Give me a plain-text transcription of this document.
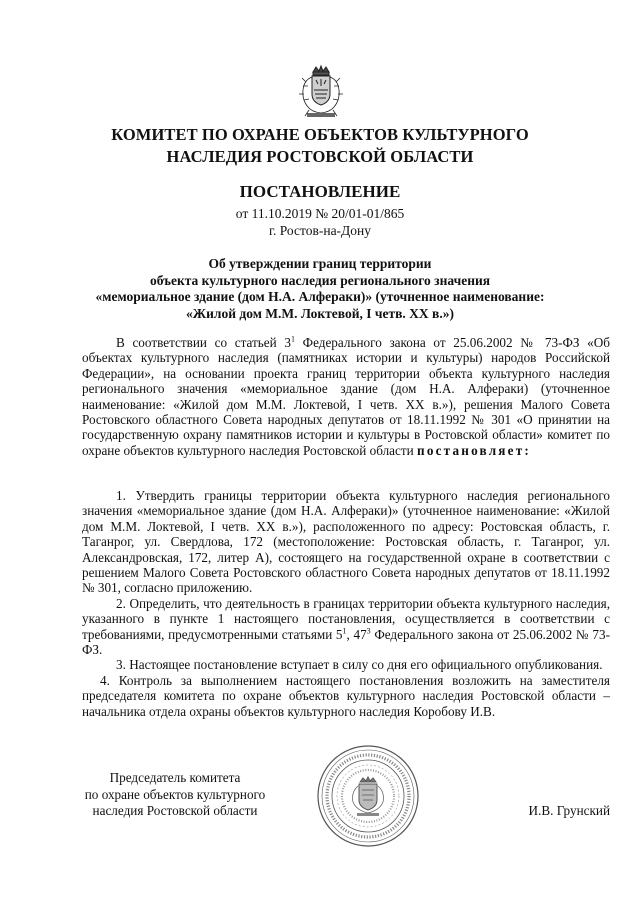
КОМИТЕТ ПО ОХРАНЕ ОБЪЕКТОВ КУЛЬТУРНОГО
НАСЛЕДИЯ РОСТОВСКОЙ ОБЛАСТИ
ПОСТАНОВЛЕНИЕ
от 11.10.2019 № 20/01-01/865
г. Ростов-на-Дону
Об утверждении границ территории
объекта культурного наследия регионального значения
«мемориальное здание (дом Н.А. Алфераки)» (уточненное наименование:
«Жилой дом М.М. Локтевой, I четв. XX в.»)

В соответствии со статьей $3^1$ Федерального закона от 25.06.2002 № 73-ФЗ «Об объектах культурного наследия (памятниках истории и культуры) народов Российской Федерации», на основании проекта границ территории объекта культурного наследия регионального значения «мемориальное здание (дом Н.А. Алфераки) (уточненное наименование: «Жилой дом М.М. Локтевой, I четв. XX в.»), решения Малого Совета Ростовского областного Совета народных депутатов от 18.11.1992 № 301 «О принятии на государственную охрану памятников истории и культуры в Ростовской области» комитет по охране объектов культурного наследия Ростовской области постановляет:

1. Утвердить границы территории объекта культурного наследия регионального значения «мемориальное здание (дом Н.А. Алфераки)» (уточненное наименование: «Жилой дом М.М. Локтевой, I четв. XX в.»), расположенного по адресу: Ростовская область, г. Таганрог, ул. Свердлова, 172 (местоположение: Ростовская область, г. Таганрог, ул. Александровская, 172, литер А), состоящего на государственной охране в соответствии с решением Малого Совета Ростовского областного Совета народных депутатов от 18.11.1992 № 301, согласно приложению.

2. Определить, что деятельность в границах территории объекта культурного наследия, указанного в пункте 1 настоящего постановления, осуществляется в соответствии с требованиями, предусмотренными статьями $5^1$, $47^3$ Федерального закона от 25.06.2002 № 73-ФЗ.

3. Настоящее постановление вступает в силу со дня его официального опубликования.

4. Контроль за выполнением настоящего постановления возложить на заместителя председателя комитета по охране объектов культурного наследия Ростовской области – начальника отдела охраны объектов культурного наследия Коробову И.В.

Председатель комитета
по охране объектов культурного
наследия Ростовской области	И.В. Грунский
